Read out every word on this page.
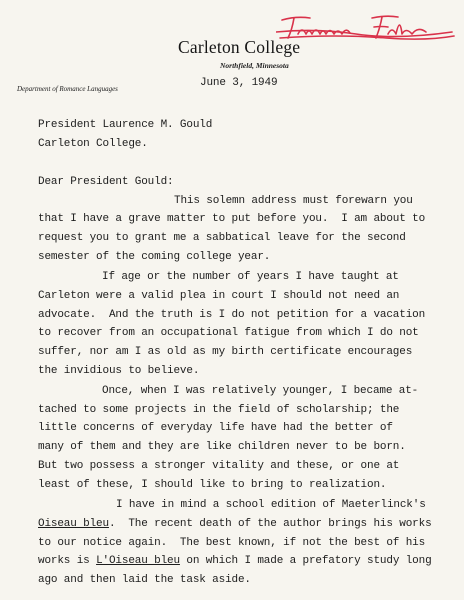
Carleton College
Northfield, Minnesota
Department of Romance Languages	June 3, 1949
President Laurence M. Gould
Carleton College.
Dear President Gould:
This solemn address must forewarn you
that I have a grave matter to put before you.  I am about to
request you to grant me a sabbatical leave for the second
semester of the coming college year.
If age or the number of years I have taught at
Carleton were a valid plea in court I should not need an
advocate.  And the truth is I do not petition for a vacation
to recover from an occupational fatigue from which I do not
suffer, nor am I as old as my birth certificate encourages
the invidious to believe.
Once, when I was relatively younger, I became at-
tached to some projects in the field of scholarship; the
little concerns of everyday life have had the better of
many of them and they are like children never to be born.
But two possess a stronger vitality and these, or one at
least of these, I should like to bring to realization.
I have in mind a school edition of Maeterlinck's
Oiseau bleu.  The recent death of the author brings his works
to our notice again.  The best known, if not the best of his
works is L'Oiseau bleu on which I made a prefatory study long
ago and then laid the task aside.
